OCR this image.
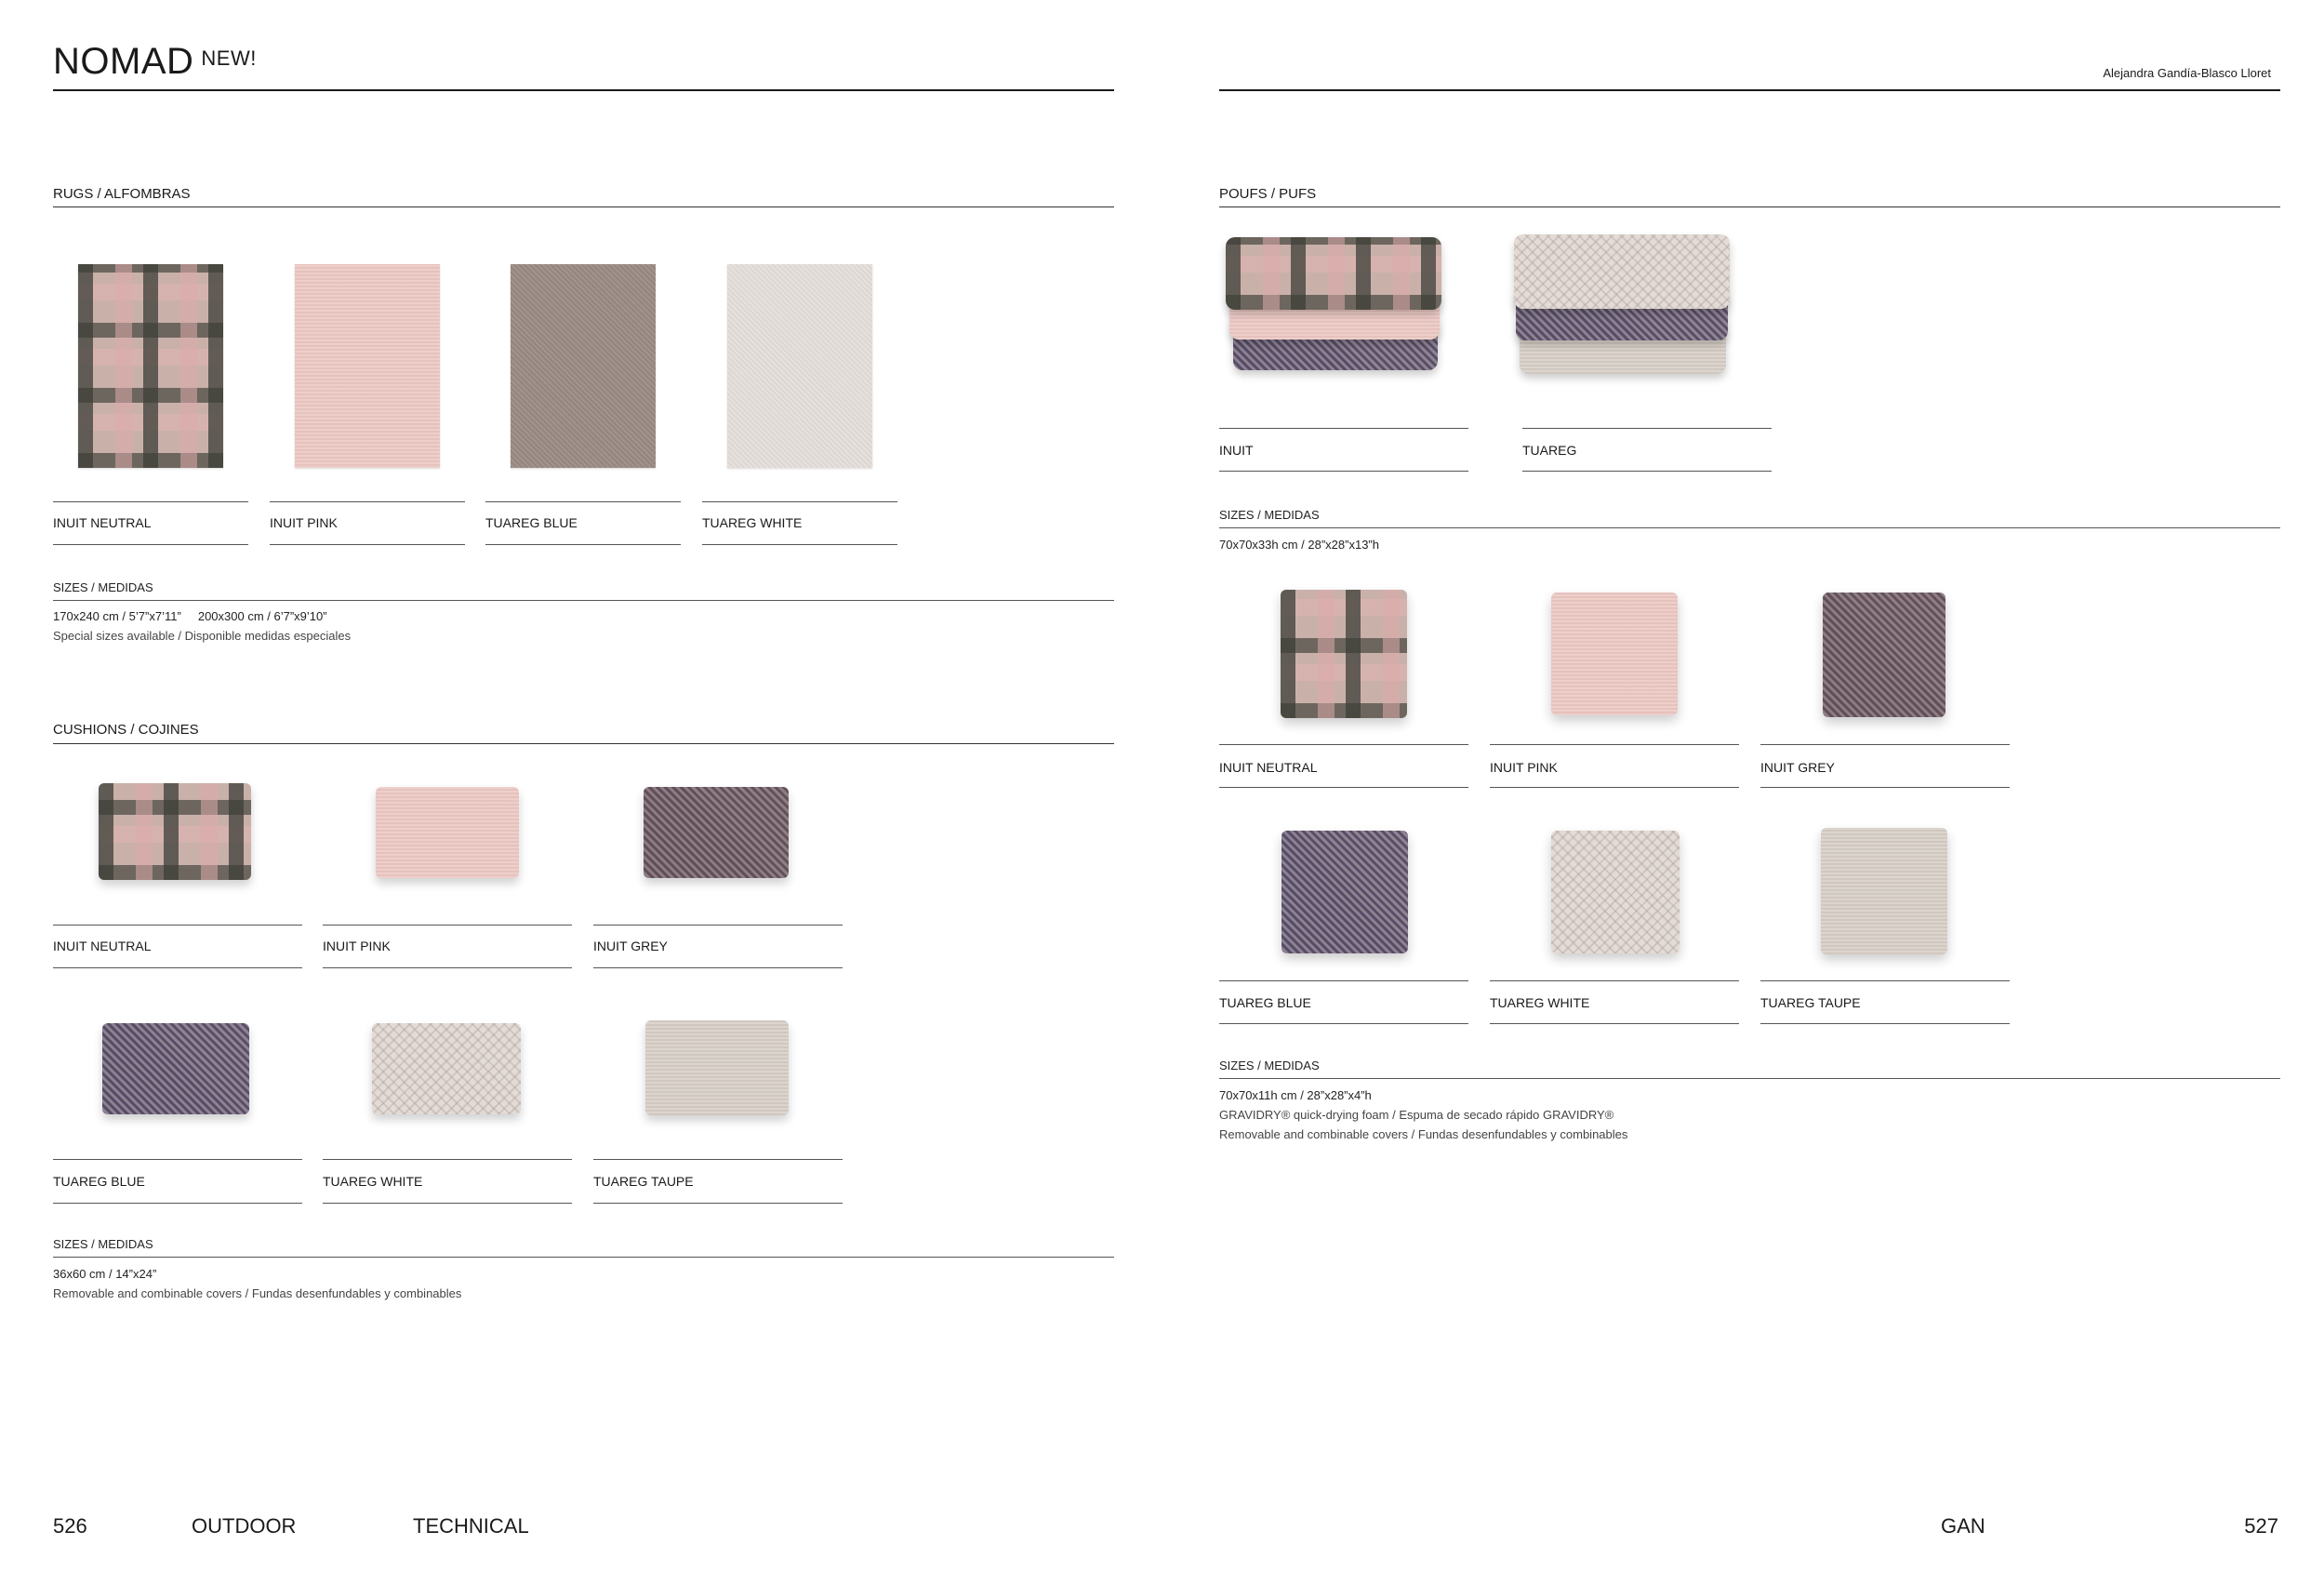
NOMAD $^{NEW!}$
Alejandra Gandía-Blasco Lloret
RUGS / ALFOMBRAS
INUIT NEUTRAL	INUIT PINK	TUAREG BLUE	TUAREG WHITE
SIZES / MEDIDAS
170x240 cm / 5’7”x7’11”     200x300 cm / 6’7”x9’10”
Special sizes available / Disponible medidas especiales
CUSHIONS / COJINES
INUIT NEUTRAL	INUIT PINK	INUIT GREY
TUAREG BLUE	TUAREG WHITE	TUAREG TAUPE
SIZES / MEDIDAS
36x60 cm / 14”x24”
Removable and combinable covers / Fundas desenfundables y combinables
POUFS / PUFS
INUIT	TUAREG
SIZES / MEDIDAS
70x70x33h cm / 28”x28”x13”h
INUIT NEUTRAL	INUIT PINK	INUIT GREY
TUAREG BLUE	TUAREG WHITE	TUAREG TAUPE
SIZES / MEDIDAS
70x70x11h cm / 28”x28”x4”h
GRAVIDRY® quick-drying foam / Espuma de secado rápido GRAVIDRY®
Removable and combinable covers / Fundas desenfundables y combinables
526	OUTDOOR	TECHNICAL	GAN	527
